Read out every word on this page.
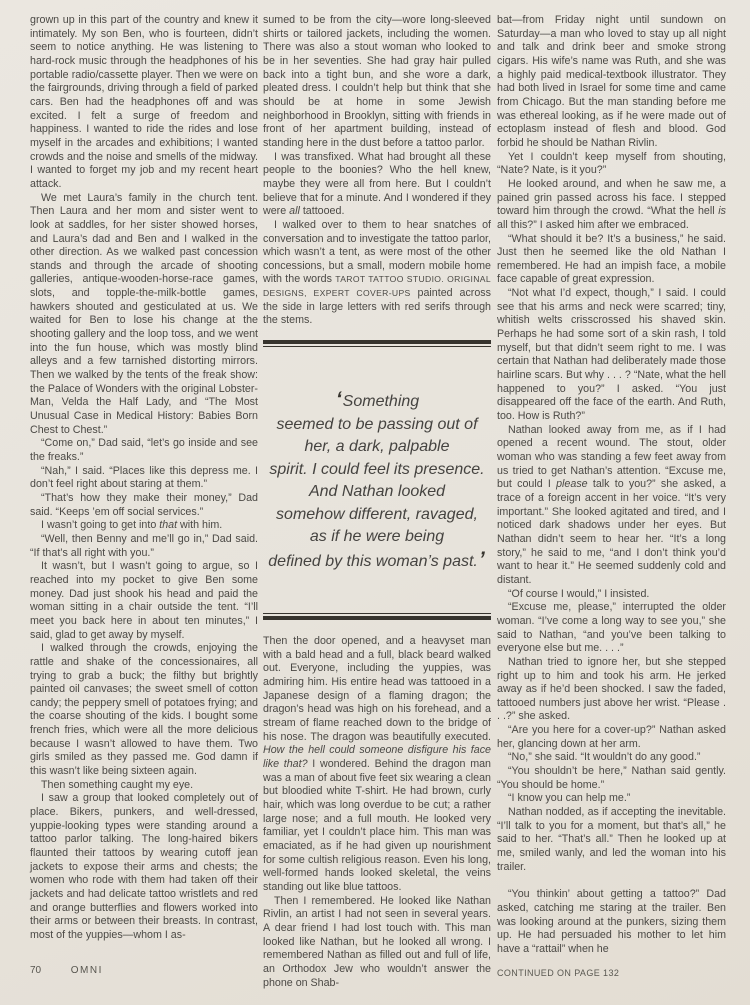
grown up in this part of the country and knew it intimately. My son Ben, who is fourteen, didn’t seem to notice anything. He was listening to hard-rock music through the headphones of his portable radio/cassette player. Then we were on the fairgrounds, driving through a field of parked cars. Ben had the headphones off and was excited. I felt a surge of freedom and happiness. I wanted to ride the rides and lose myself in the arcades and exhibitions; I wanted crowds and the noise and smells of the midway. I wanted to forget my job and my recent heart attack.

We met Laura’s family in the church tent. Then Laura and her mom and sister went to look at saddles, for her sister showed horses, and Laura’s dad and Ben and I walked in the other direction. As we walked past concession stands and through the arcade of shooting galleries, antique-wooden-horse-race games, slots, and topple-the-milk-bottle games, hawkers shouted and gesticulated at us. We waited for Ben to lose his change at the shooting gallery and the loop toss, and we went into the fun house, which was mostly blind alleys and a few tarnished distorting mirrors. Then we walked by the tents of the freak show: the Palace of Wonders with the original Lobster-Man, Velda the Half Lady, and “The Most Unusual Case in Medical History: Babies Born Chest to Chest.”

“Come on,” Dad said, “let’s go inside and see the freaks.”

“Nah,” I said. “Places like this depress me. I don’t feel right about staring at them.”

“That’s how they make their money,” Dad said. “Keeps ’em off social services.”

I wasn’t going to get into that with him.

“Well, then Benny and me’ll go in,” Dad said. “If that’s all right with you.”

It wasn’t, but I wasn’t going to argue, so I reached into my pocket to give Ben some money. Dad just shook his head and paid the woman sitting in a chair outside the tent. “I’ll meet you back here in about ten minutes,” I said, glad to get away by myself.

I walked through the crowds, enjoying the rattle and shake of the concessionaires, all trying to grab a buck; the filthy but brightly painted oil canvases; the sweet smell of cotton candy; the peppery smell of potatoes frying; and the coarse shouting of the kids. I bought some french fries, which were all the more delicious because I wasn’t allowed to have them. Two girls smiled as they passed me. God damn if this wasn’t like being sixteen again.

Then something caught my eye.

I saw a group that looked completely out of place. Bikers, punkers, and well-dressed, yuppie-looking types were standing around a tattoo parlor talking. The long-haired bikers flaunted their tattoos by wearing cutoff jean jackets to expose their arms and chests; the women who rode with them had taken off their jackets and had delicate tattoo wristlets and red and orange butterflies and flowers worked into their arms or between their breasts. In contrast, most of the yuppies—whom I as-

sumed to be from the city—wore long-sleeved shirts or tailored jackets, including the women. There was also a stout woman who looked to be in her seventies. She had gray hair pulled back into a tight bun, and she wore a dark, pleated dress. I couldn’t help but think that she should be at home in some Jewish neighborhood in Brooklyn, sitting with friends in front of her apartment building, instead of standing here in the dust before a tattoo parlor.

I was transfixed. What had brought all these people to the boonies? Who the hell knew, maybe they were all from here. But I couldn’t believe that for a minute. And I wondered if they were all tattooed.

I walked over to them to hear snatches of conversation and to investigate the tattoo parlor, which wasn’t a tent, as were most of the other concessions, but a small, modern mobile home with the words TAROT TATTOO STUDIO. ORIGINAL DESIGNS, EXPERT COVER-UPS painted across the side in large letters with red serifs through the stems.

‘Something
seemed to be passing out of
her, a dark, palpable
spirit. I could feel its presence.
And Nathan looked
somehow different, ravaged,
as if he were being
defined by this woman’s past.’

Then the door opened, and a heavyset man with a bald head and a full, black beard walked out. Everyone, including the yuppies, was admiring him. His entire head was tattooed in a Japanese design of a flaming dragon; the dragon’s head was high on his forehead, and a stream of flame reached down to the bridge of his nose. The dragon was beautifully executed. How the hell could someone disfigure his face like that? I wondered. Behind the dragon man was a man of about five feet six wearing a clean but bloodied white T-shirt. He had brown, curly hair, which was long overdue to be cut; a rather large nose; and a full mouth. He looked very familiar, yet I couldn’t place him. This man was emaciated, as if he had given up nourishment for some cultish religious reason. Even his long, well-formed hands looked skeletal, the veins standing out like blue tattoos.

Then I remembered. He looked like Nathan Rivlin, an artist I had not seen in several years. A dear friend I had lost touch with. This man looked like Nathan, but he looked all wrong. I remembered Nathan as filled out and full of life, an Orthodox Jew who wouldn’t answer the phone on Shab-

bat—from Friday night until sundown on Saturday—a man who loved to stay up all night and talk and drink beer and smoke strong cigars. His wife’s name was Ruth, and she was a highly paid medical-textbook illustrator. They had both lived in Israel for some time and came from Chicago. But the man standing before me was ethereal looking, as if he were made out of ectoplasm instead of flesh and blood. God forbid he should be Nathan Rivlin.

Yet I couldn’t keep myself from shouting, “Nate? Nate, is it you?”

He looked around, and when he saw me, a pained grin passed across his face. I stepped toward him through the crowd. “What the hell is all this?” I asked him after we embraced.

“What should it be? It’s a business,” he said. Just then he seemed like the old Nathan I remembered. He had an impish face, a mobile face capable of great expression.

“Not what I’d expect, though,” I said. I could see that his arms and neck were scarred; tiny, whitish welts crisscrossed his shaved skin. Perhaps he had some sort of a skin rash, I told myself, but that didn’t seem right to me. I was certain that Nathan had deliberately made those hairline scars. But why . . . ? “Nate, what the hell happened to you?” I asked. “You just disappeared off the face of the earth. And Ruth, too. How is Ruth?”

Nathan looked away from me, as if I had opened a recent wound. The stout, older woman who was standing a few feet away from us tried to get Nathan’s attention. “Excuse me, but could I please talk to you?” she asked, a trace of a foreign accent in her voice. “It’s very important.” She looked agitated and tired, and I noticed dark shadows under her eyes. But Nathan didn’t seem to hear her. “It’s a long story,” he said to me, “and I don’t think you’d want to hear it.” He seemed suddenly cold and distant.

“Of course I would,” I insisted.

“Excuse me, please,” interrupted the older woman. “I’ve come a long way to see you,” she said to Nathan, “and you’ve been talking to everyone else but me. . . .”

Nathan tried to ignore her, but she stepped right up to him and took his arm. He jerked away as if he’d been shocked. I saw the faded, tattooed numbers just above her wrist. “Please . . .?” she asked.

“Are you here for a cover-up?” Nathan asked her, glancing down at her arm.

“No,” she said. “It wouldn’t do any good.”

“You shouldn’t be here,” Nathan said gently. “You should be home.”

“I know you can help me.”

Nathan nodded, as if accepting the inevitable. “I’ll talk to you for a moment, but that’s all,” he said to her. “That’s all.” Then he looked up at me, smiled wanly, and led the woman into his trailer.

“You thinkin’ about getting a tattoo?” Dad asked, catching me staring at the trailer. Ben was looking around at the punkers, sizing them up. He had persuaded his mother to let him have a “rattail” when he

70	OMNI	CONTINUED ON PAGE 132
